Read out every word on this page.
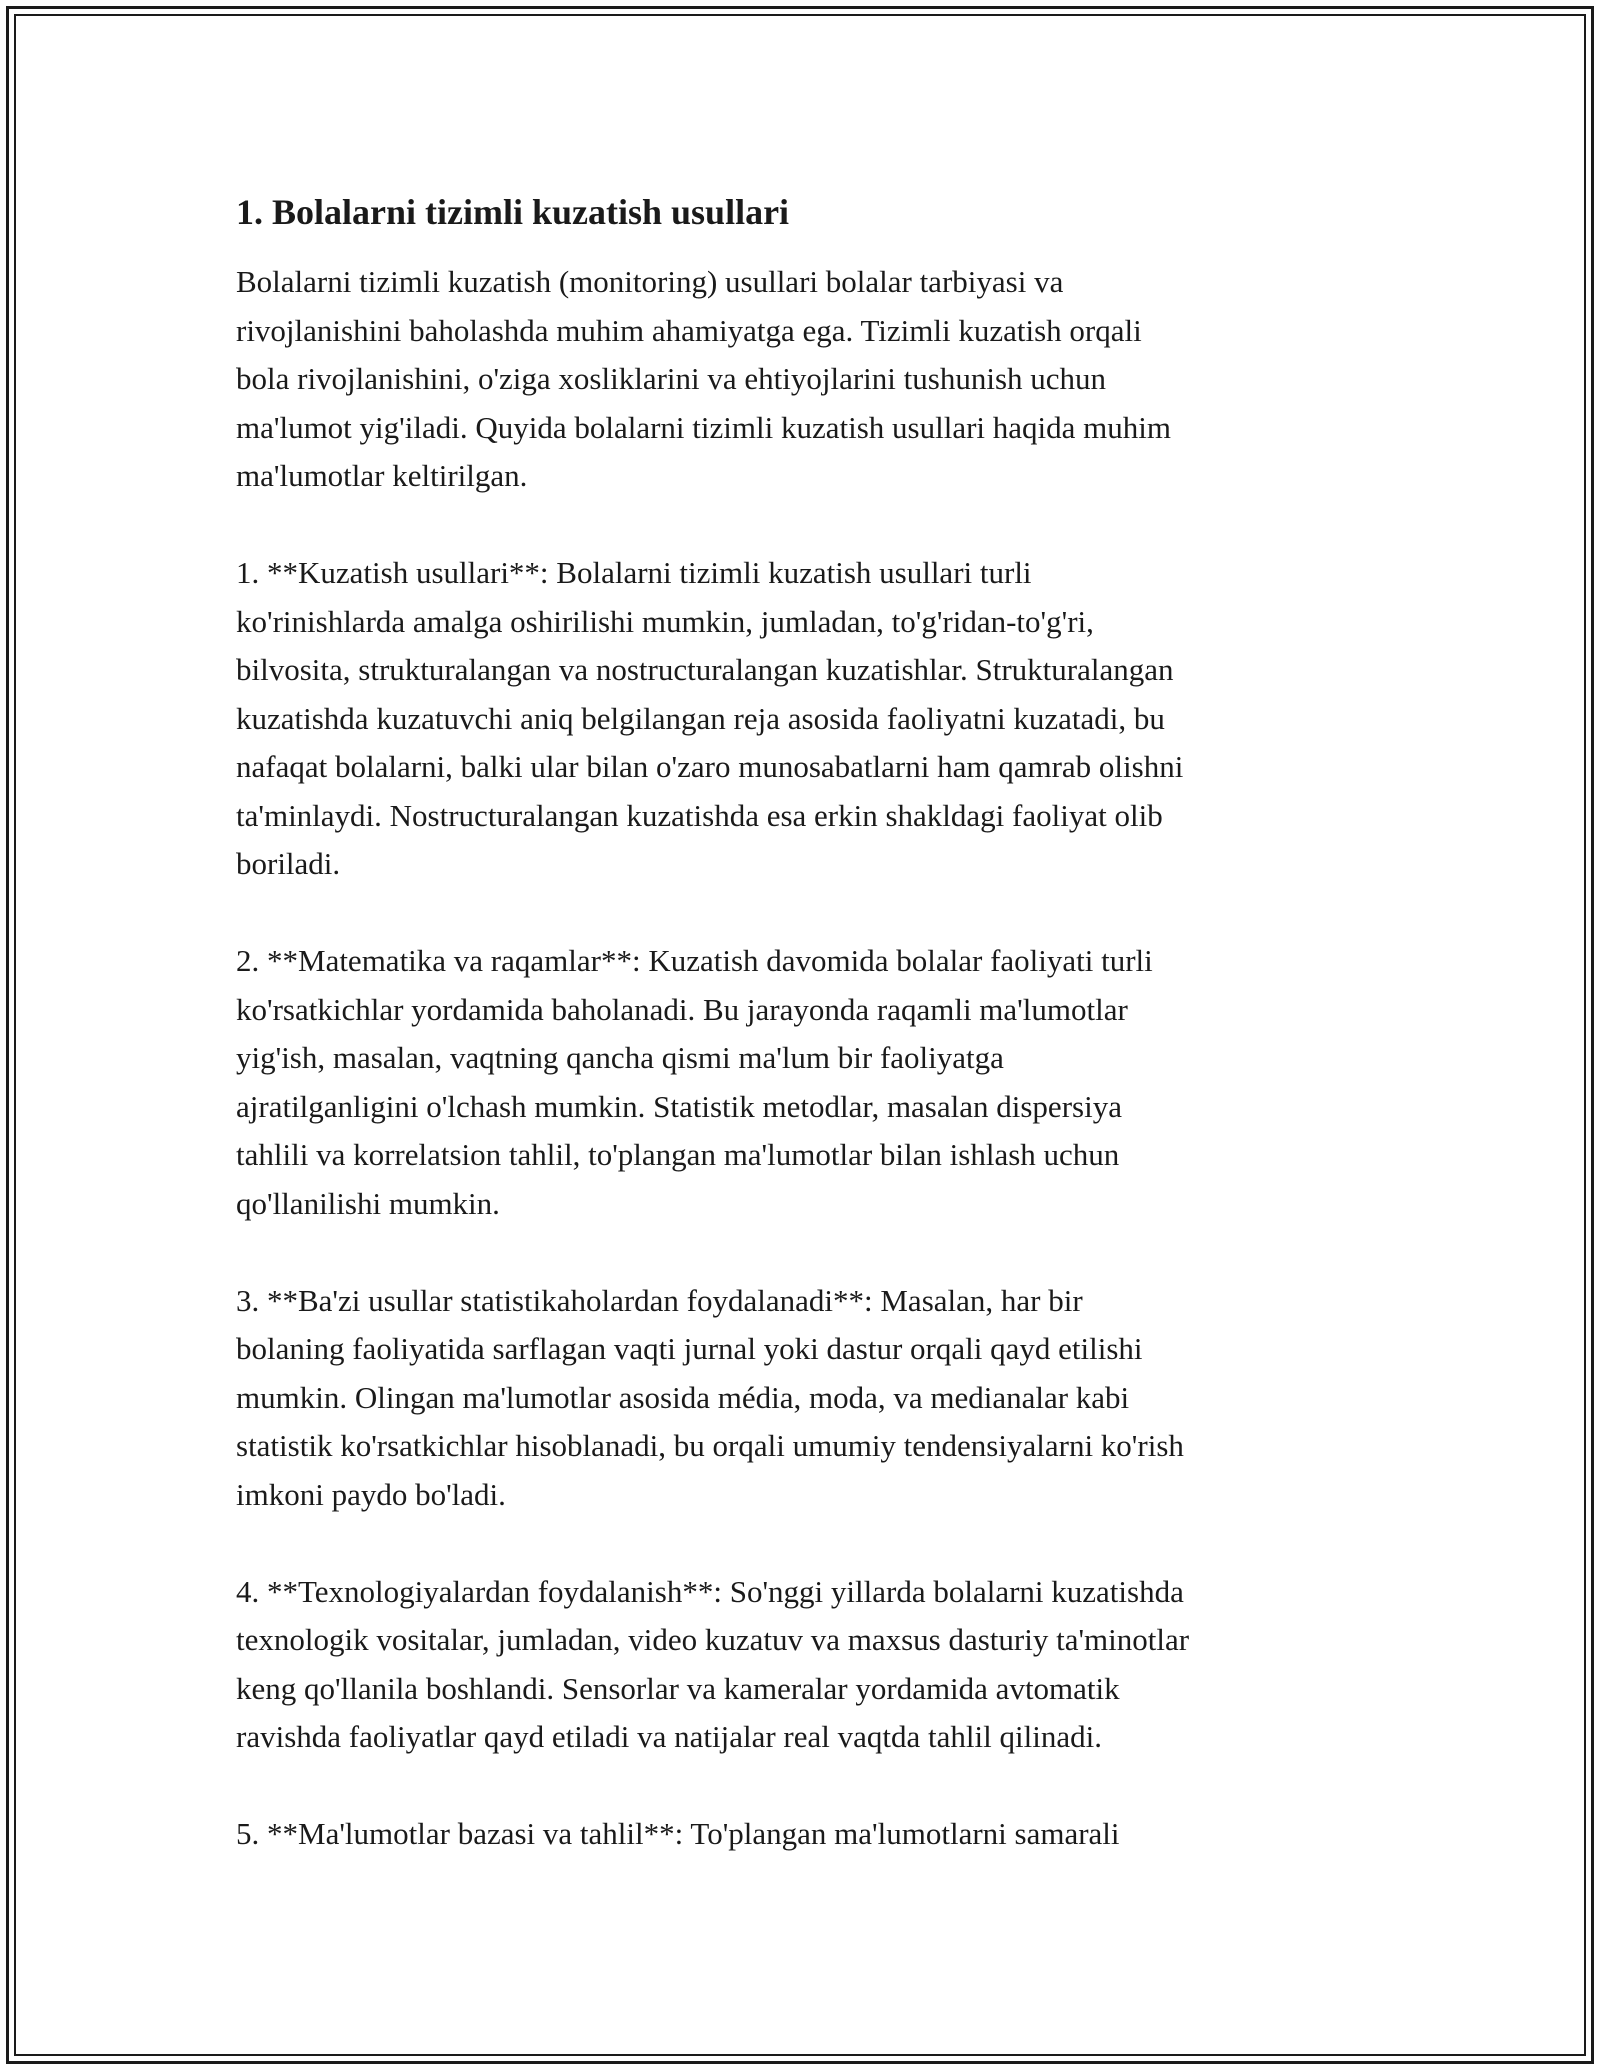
1. Bolalarni tizimli kuzatish usullari

Bolalarni tizimli kuzatish (monitoring) usullari bolalar tarbiyasi va
rivojlanishini baholashda muhim ahamiyatga ega. Tizimli kuzatish orqali
bola rivojlanishini, o'ziga xosliklarini va ehtiyojlarini tushunish uchun
ma'lumot yig'iladi. Quyida bolalarni tizimli kuzatish usullari haqida muhim
ma'lumotlar keltirilgan.

1. **Kuzatish usullari**: Bolalarni tizimli kuzatish usullari turli
ko'rinishlarda amalga oshirilishi mumkin, jumladan, to'g'ridan-to'g'ri,
bilvosita, strukturalangan va nostructuralangan kuzatishlar. Strukturalangan
kuzatishda kuzatuvchi aniq belgilangan reja asosida faoliyatni kuzatadi, bu
nafaqat bolalarni, balki ular bilan o'zaro munosabatlarni ham qamrab olishni
ta'minlaydi. Nostructuralangan kuzatishda esa erkin shakldagi faoliyat olib
boriladi.

2. **Matematika va raqamlar**: Kuzatish davomida bolalar faoliyati turli
ko'rsatkichlar yordamida baholanadi. Bu jarayonda raqamli ma'lumotlar
yig'ish, masalan, vaqtning qancha qismi ma'lum bir faoliyatga
ajratilganligini o'lchash mumkin. Statistik metodlar, masalan dispersiya
tahlili va korrelatsion tahlil, to'plangan ma'lumotlar bilan ishlash uchun
qo'llanilishi mumkin.

3. **Ba'zi usullar statistikaholardan foydalanadi**: Masalan, har bir
bolaning faoliyatida sarflagan vaqti jurnal yoki dastur orqali qayd etilishi
mumkin. Olingan ma'lumotlar asosida média, moda, va medianalar kabi
statistik ko'rsatkichlar hisoblanadi, bu orqali umumiy tendensiyalarni ko'rish
imkoni paydo bo'ladi.

4. **Texnologiyalardan foydalanish**: So'nggi yillarda bolalarni kuzatishda
texnologik vositalar, jumladan, video kuzatuv va maxsus dasturiy ta'minotlar
keng qo'llanila boshlandi. Sensorlar va kameralar yordamida avtomatik
ravishda faoliyatlar qayd etiladi va natijalar real vaqtda tahlil qilinadi.

5. **Ma'lumotlar bazasi va tahlil**: To'plangan ma'lumotlarni samarali
